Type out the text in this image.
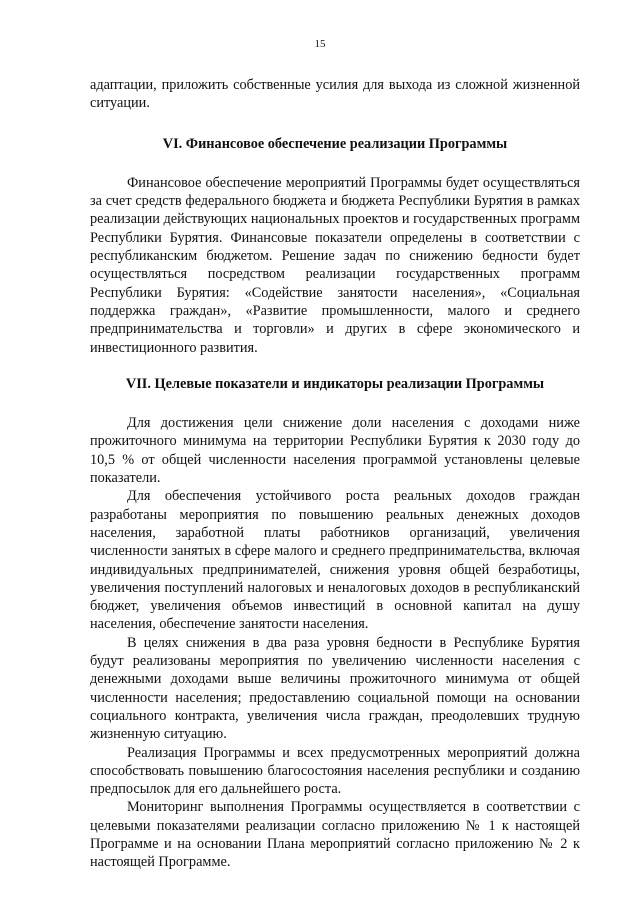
15

адаптации, приложить собственные усилия для выхода из сложной жизненной ситуации.

VI. Финансовое обеспечение реализации Программы

Финансовое обеспечение мероприятий Программы будет осуществляться за счет средств федерального бюджета и бюджета Республики Бурятия в рамках реализации действующих национальных проектов и государственных программ Республики Бурятия. Финансовые показатели определены в соответствии с республиканским бюджетом. Решение задач по снижению бедности будет осуществляться посредством реализации государственных программ Республики Бурятия: «Содействие занятости населения», «Социальная поддержка граждан», «Развитие промышленности, малого и среднего предпринимательства и торговли» и других в сфере экономического и инвестиционного развития.

VII. Целевые показатели и индикаторы реализации Программы

Для достижения цели снижение доли населения с доходами ниже прожиточного минимума на территории Республики Бурятия к 2030 году до 10,5 % от общей численности населения программой установлены целевые показатели.

Для обеспечения устойчивого роста реальных доходов граждан разработаны мероприятия по повышению реальных денежных доходов населения, заработной платы работников организаций, увеличения численности занятых в сфере малого и среднего предпринимательства, включая индивидуальных предпринимателей, снижения уровня общей безработицы, увеличения поступлений налоговых и неналоговых доходов в республиканский бюджет, увеличения объемов инвестиций в основной капитал на душу населения, обеспечение занятости населения.

В целях снижения в два раза уровня бедности в Республике Бурятия будут реализованы мероприятия по увеличению численности населения с денежными доходами выше величины прожиточного минимума от общей численности населения; предоставлению социальной помощи на основании социального контракта, увеличения числа граждан, преодолевших трудную жизненную ситуацию.

Реализация Программы и всех предусмотренных мероприятий должна способствовать повышению благосостояния населения республики и созданию предпосылок для его дальнейшего роста.

Мониторинг выполнения Программы осуществляется в соответствии с целевыми показателями реализации согласно приложению № 1 к настоящей Программе и на основании Плана мероприятий согласно приложению № 2 к настоящей Программе.
